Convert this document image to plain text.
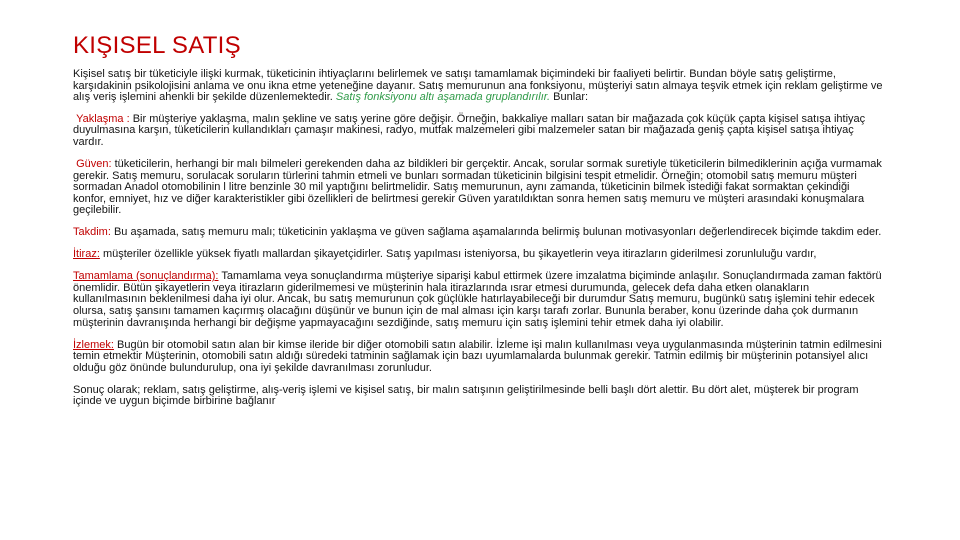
KIŞISEL SATIŞ

Kişisel satış bir tüketiciyle ilişki kurmak, tüketicinin ihtiyaçlarını belirlemek ve satışı tamamlamak biçimindeki bir faaliyeti belirtir. Bundan böyle satış geliştirme, karşıdakinin psikolojisini anlama ve onu ikna etme yeteneğine dayanır. Satış memurunun ana fonksiyonu, müşteriyi satın almaya teşvik etmek için reklam geliştirme ve alış veriş işlemini ahenkli bir şekilde düzenlemektedir. Satış fonksiyonu altı aşamada gruplandırılır. Bunlar:

Yaklaşma : Bir müşteriye yaklaşma, malın şekline ve satış yerine göre değişir. Örneğin, bakkaliye malları satan bir mağazada çok küçük çapta kişisel satışa ihtiyaç duyulmasına karşın, tüketicilerin kullandıkları çamaşır makinesi, radyo, mutfak malzemeleri gibi malzemeler satan bir mağazada geniş çapta kişisel satışa ihtiyaç vardır.

Güven: tüketicilerin, herhangi bir malı bilmeleri gerekenden daha az bildikleri bir gerçektir. Ancak, sorular sormak suretiyle tüketicilerin bilmediklerinin açığa vurmamak gerekir. Satış memuru, sorulacak soruların türlerini tahmin etmeli ve bunları sormadan tüketicinin bilgisini tespit etmelidir. Örneğin; otomobil satış memuru müşteri sormadan Anadol otomobilinin l litre benzinle 30 mil yaptığını belirtmelidir. Satış memurunun, aynı zamanda, tüketicinin bilmek istediği fakat sormaktan çekindiği konfor, emniyet, hız ve diğer karakteristikler gibi özellikleri de belirtmesi gerekir Güven yaratıldıktan sonra hemen satış memuru ve müşteri arasındaki konuşmalara geçilebilir.

Takdim: Bu aşamada, satış memuru malı; tüketicinin yaklaşma ve güven sağlama aşamalarında belirmiş bulunan motivasyonları değerlendirecek biçimde takdim eder.

İtiraz: müşteriler özellikle yüksek fiyatlı mallardan şikayetçidirler. Satış yapılması isteniyorsa, bu şikayetlerin veya itirazların giderilmesi zorunluluğu vardır,

Tamamlama (sonuçlandırma): Tamamlama veya sonuçlandırma müşteriye siparişi kabul ettirmek üzere imzalatma biçiminde anlaşılır. Sonuçlandırmada zaman faktörü önemlidir. Bütün şikayetlerin veya itirazların giderilmemesi ve müşterinin hala itirazlarında ısrar etmesi durumunda, gelecek defa daha etken olanakların kullanılmasının beklenilmesi daha iyi olur. Ancak, bu satış memurunun çok güçlükle hatırlayabileceği bir durumdur Satış memuru, bugünkü satış işlemini tehir edecek olursa, satış şansını tamamen kaçırmış olacağını düşünür ve bunun için de mal alması için karşı tarafı zorlar. Bununla beraber, konu üzerinde daha çok durmanın müşterinin davranışında herhangi bir değişme yapmayacağını sezdiğinde, satış memuru için satış işlemini tehir etmek daha iyi olabilir.

İzlemek: Bugün bir otomobil satın alan bir kimse ileride bir diğer otomobili satın alabilir. İzleme işi malın kullanılması veya uygulanmasında müşterinin tatmin edilmesini temin etmektir Müşterinin, otomobili satın aldığı süredeki tatminin sağlamak için bazı uyumlamalarda bulunmak gerekir. Tatmin edilmiş bir müşterinin potansiyel alıcı olduğu göz önünde bulundurulup, ona iyi şekilde davranılması zorunludur.

Sonuç olarak; reklam, satış geliştirme, alış-veriş işlemi ve kişisel satış, bir malın satışının geliştirilmesinde belli başlı dört alettir. Bu dört alet, müşterek bir program içinde ve uygun biçimde birbirine bağlanır
